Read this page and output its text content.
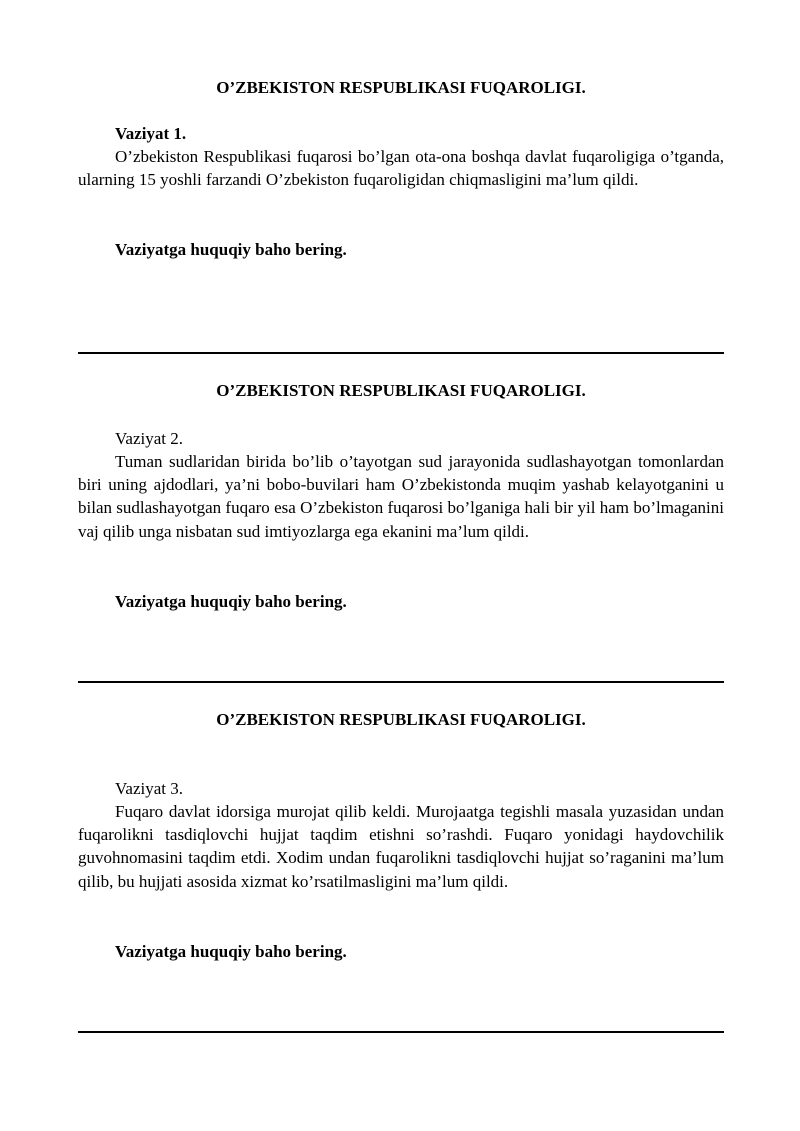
O’ZBEKISTON RESPUBLIKASI FUQAROLIGI.

Vaziyat 1.

O’zbekiston Respublikasi fuqarosi bo’lgan ota-ona boshqa davlat fuqaroligiga o’tganda, ularning 15 yoshli farzandi O’zbekiston fuqaroligidan chiqmasligini ma’lum qildi.

Vaziyatga huquqiy baho bering.

O’ZBEKISTON RESPUBLIKASI FUQAROLIGI.

Vaziyat 2.

Tuman sudlaridan birida bo’lib o’tayotgan sud jarayonida sudlashayotgan tomonlardan biri uning ajdodlari, ya’ni bobo-buvilari ham O’zbekistonda muqim yashab kelayotganini u bilan sudlashayotgan fuqaro esa O’zbekiston fuqarosi bo’lganiga hali bir yil ham bo’lmaganini vaj qilib unga nisbatan sud imtiyozlarga ega ekanini ma’lum qildi.

Vaziyatga huquqiy baho bering.

O’ZBEKISTON RESPUBLIKASI FUQAROLIGI.

Vaziyat 3.

Fuqaro davlat idorsiga murojat qilib keldi. Murojaatga tegishli masala yuzasidan undan fuqarolikni tasdiqlovchi hujjat taqdim etishni so’rashdi. Fuqaro yonidagi haydovchilik guvohnomasini taqdim etdi. Xodim undan fuqarolikni tasdiqlovchi hujjat so’raganini ma’lum qilib, bu hujjati asosida xizmat ko’rsatilmasligini ma’lum qildi.

Vaziyatga huquqiy baho bering.
